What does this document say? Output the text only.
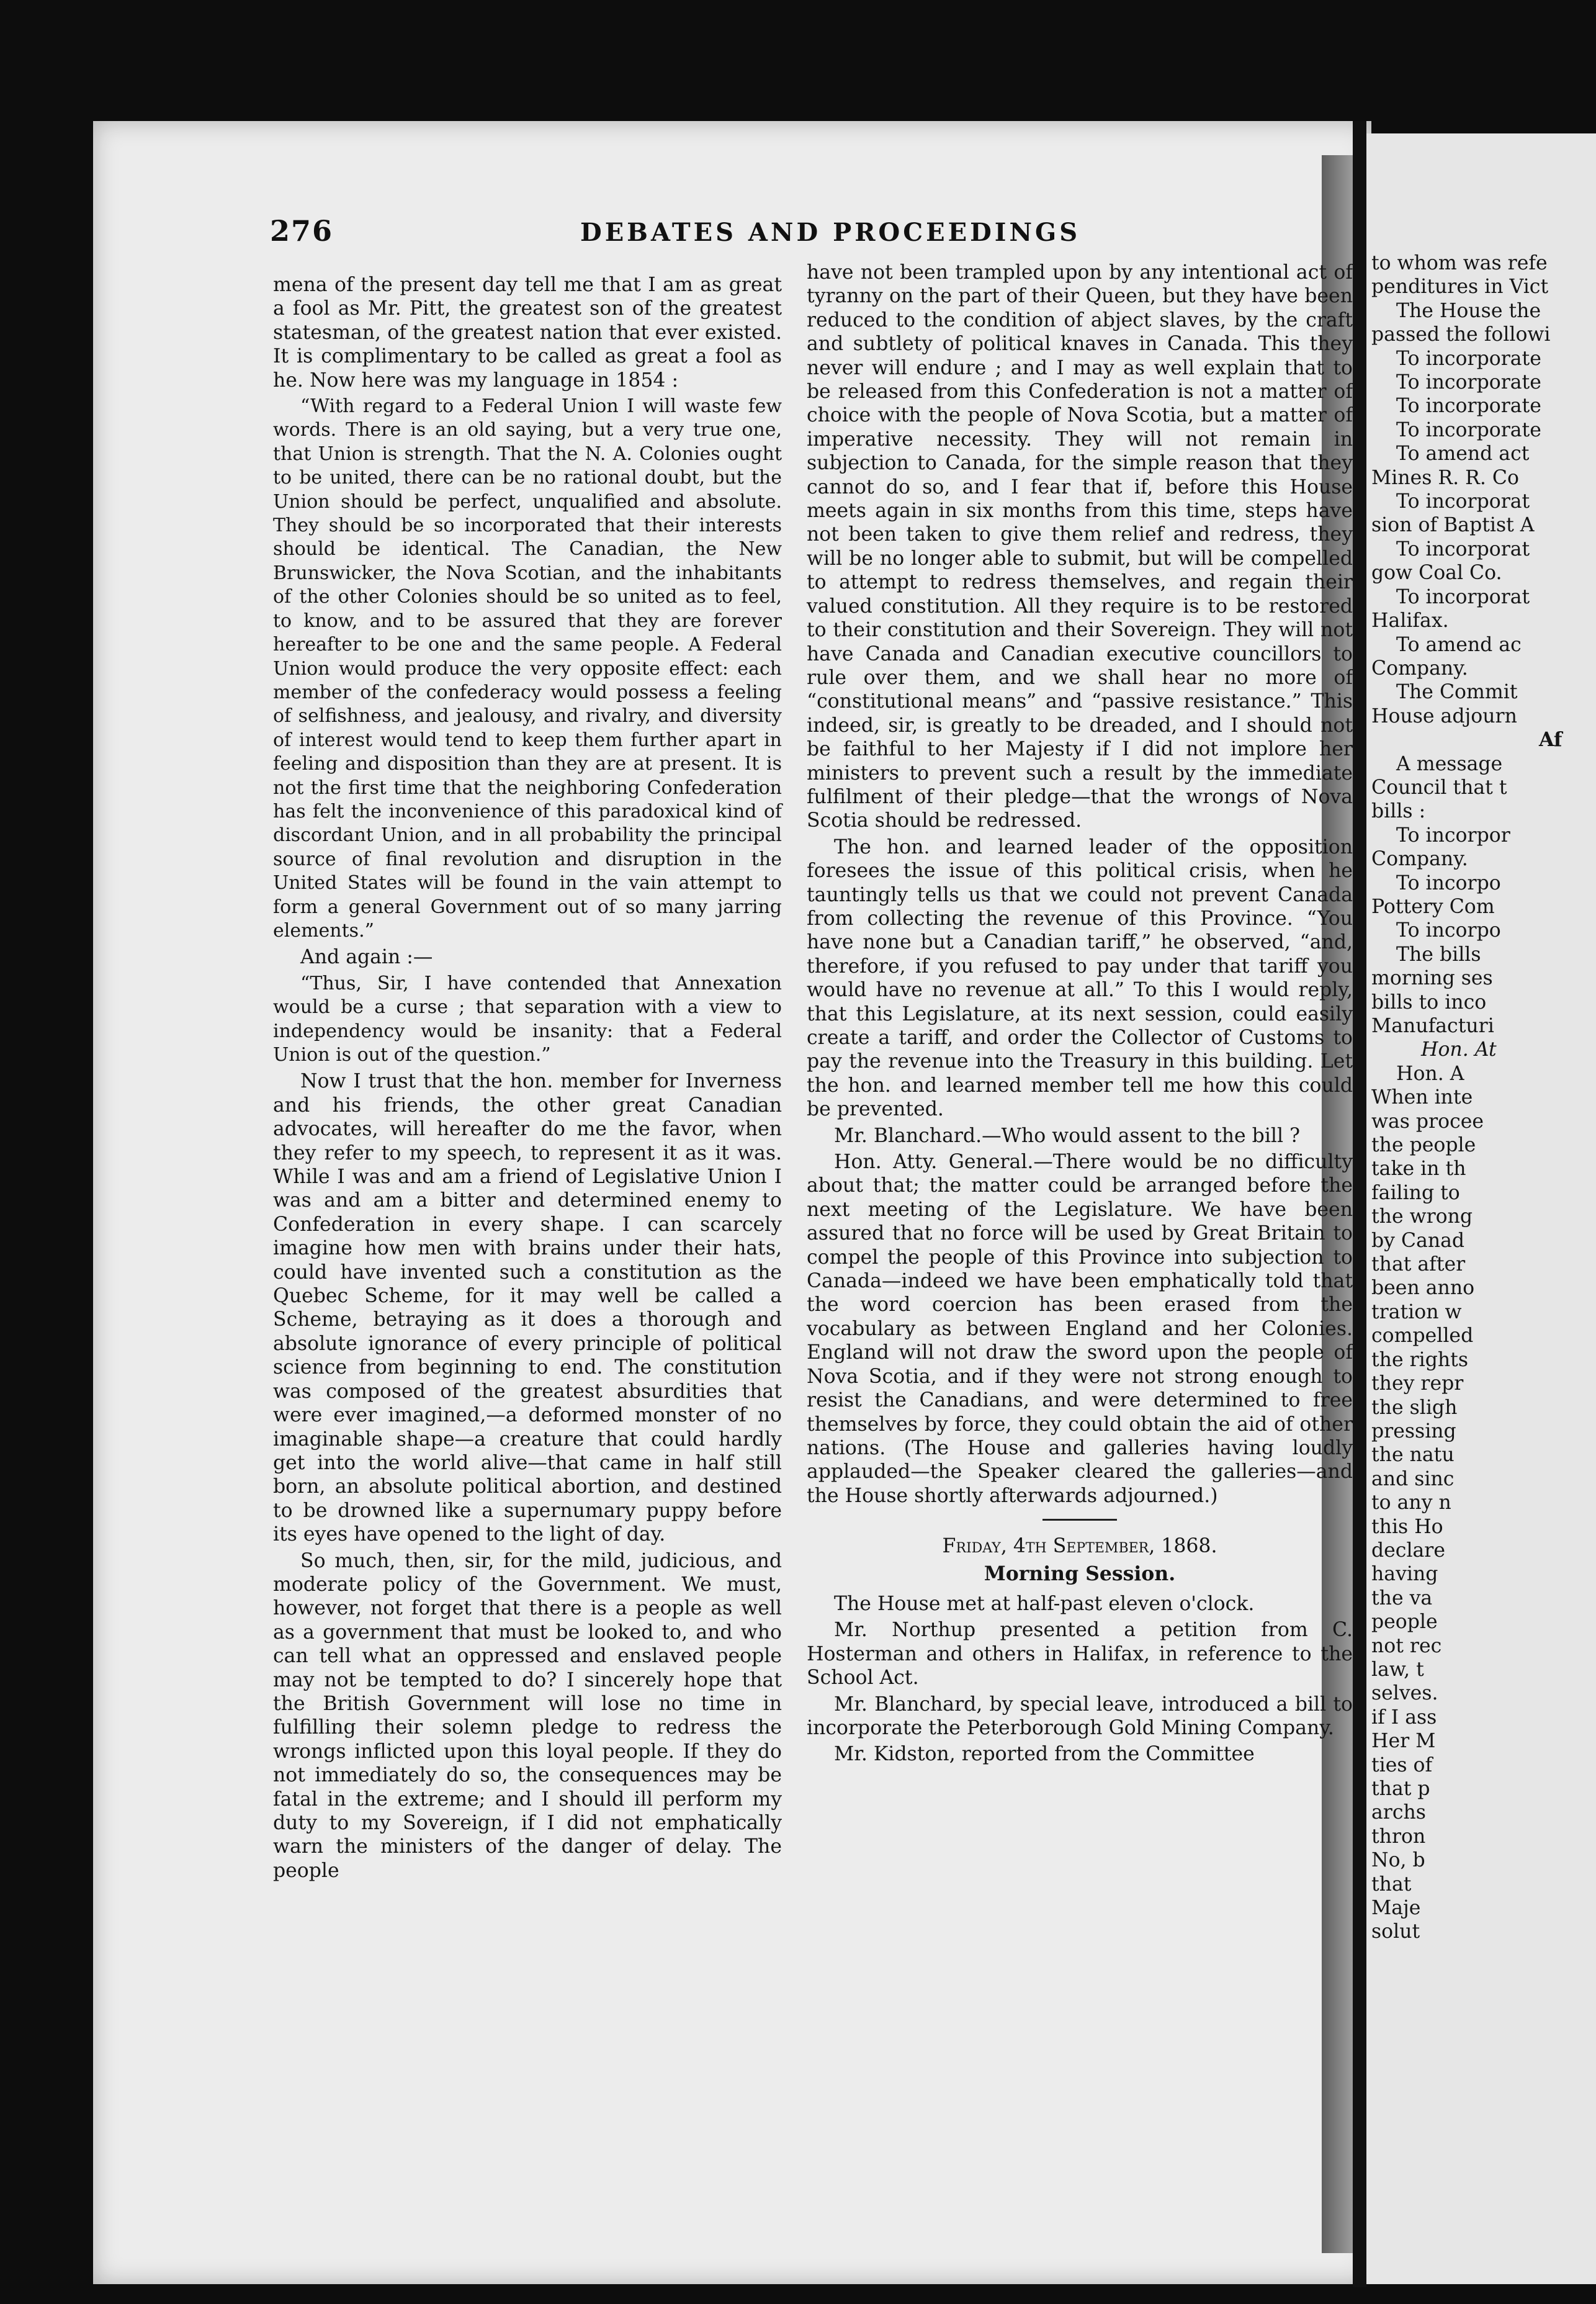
276	DEBATES AND PROCEEDINGS

mena of the present day tell me that I am as great a fool as Mr. Pitt, the greatest son of the greatest statesman, of the greatest nation that ever existed. It is complimentary to be called as great a fool as he. Now here was my language in 1854 :

“With regard to a Federal Union I will waste few words. There is an old saying, but a very true one, that Union is strength. That the N. A. Colonies ought to be united, there can be no rational doubt, but the Union should be perfect, unqualified and absolute. They should be so incorporated that their interests should be identical. The Canadian, the New Brunswicker, the Nova Scotian, and the inhabitants of the other Colonies should be so united as to feel, to know, and to be assured that they are forever hereafter to be one and the same people. A Federal Union would produce the very opposite effect: each member of the confederacy would possess a feeling of selfishness, and jealousy, and rivalry, and diversity of interest would tend to keep them further apart in feeling and disposition than they are at present. It is not the first time that the neighboring Confederation has felt the inconvenience of this paradoxical kind of discordant Union, and in all probability the principal source of final revolution and disruption in the United States will be found in the vain attempt to form a general Government out of so many jarring elements.”

And again :—

“Thus, Sir, I have contended that Annexation would be a curse ; that separation with a view to independency would be insanity: that a Federal Union is out of the question.”

Now I trust that the hon. member for Inverness and his friends, the other great Canadian advocates, will hereafter do me the favor, when they refer to my speech, to represent it as it was. While I was and am a friend of Legislative Union I was and am a bitter and determined enemy to Confederation in every shape. I can scarcely imagine how men with brains under their hats, could have invented such a constitution as the Quebec Scheme, for it may well be called a Scheme, betraying as it does a thorough and absolute ignorance of every principle of political science from beginning to end. The constitution was composed of the greatest absurdities that were ever imagined,—a deformed monster of no imaginable shape—a creature that could hardly get into the world alive—that came in half still born, an absolute political abortion, and destined to be drowned like a supernumary puppy before its eyes have opened to the light of day.

So much, then, sir, for the mild, judicious, and moderate policy of the Government. We must, however, not forget that there is a people as well as a government that must be looked to, and who can tell what an oppressed and enslaved people may not be tempted to do? I sincerely hope that the British Government will lose no time in fulfilling their solemn pledge to redress the wrongs inflicted upon this loyal people. If they do not immediately do so, the consequences may be fatal in the extreme; and I should ill perform my duty to my Sovereign, if I did not emphatically warn the ministers of the danger of delay. The people

have not been trampled upon by any intentional act of tyranny on the part of their Queen, but they have been reduced to the condition of abject slaves, by the craft and subtlety of political knaves in Canada. This they never will endure ; and I may as well explain that to be released from this Confederation is not a matter of choice with the people of Nova Scotia, but a matter of imperative necessity. They will not remain in subjection to Canada, for the simple reason that they cannot do so, and I fear that if, before this House meets again in six months from this time, steps have not been taken to give them relief and redress, they will be no longer able to submit, but will be compelled to attempt to redress themselves, and regain their valued constitution. All they require is to be restored to their constitution and their Sovereign. They will not have Canada and Canadian executive councillors to rule over them, and we shall hear no more of “constitutional means” and “passive resistance.” This indeed, sir, is greatly to be dreaded, and I should not be faithful to her Majesty if I did not implore her ministers to prevent such a result by the immediate fulfilment of their pledge—that the wrongs of Nova Scotia should be redressed.

The hon. and learned leader of the opposition foresees the issue of this political crisis, when he tauntingly tells us that we could not prevent Canada from collecting the revenue of this Province. “You have none but a Canadian tariff,” he observed, “and, therefore, if you refused to pay under that tariff you would have no revenue at all.” To this I would reply, that this Legislature, at its next session, could easily create a tariff, and order the Collector of Customs to pay the revenue into the Treasury in this building. Let the hon. and learned member tell me how this could be prevented.

Mr. Blanchard.—Who would assent to the bill ?

Hon. Atty. General.—There would be no difficulty about that; the matter could be arranged before the next meeting of the Legislature. We have been assured that no force will be used by Great Britain to compel the people of this Province into subjection to Canada—indeed we have been emphatically told that the word coercion has been erased from the vocabulary as between England and her Colonies. England will not draw the sword upon the people of Nova Scotia, and if they were not strong enough to resist the Canadians, and were determined to free themselves by force, they could obtain the aid of other nations. (The House and galleries having loudly applauded—the Speaker cleared the galleries—and the House shortly afterwards adjourned.)

Friday, 4th September, 1868.

Morning Session.

The House met at half-past eleven o'clock.

Mr. Northup presented a petition from C. Hosterman and others in Halifax, in reference to the School Act.

Mr. Blanchard, by special leave, introduced a bill to incorporate the Peterborough Gold Mining Company.

Mr. Kidston, reported from the Committee

to whom was refe

penditures in Vict

The House the

passed the followi

To incorporate

To incorporate

To incorporate

To incorporate

To amend act

Mines R. R. Co

To incorporat

sion of Baptist A

To incorporat

gow Coal Co.

To incorporat

Halifax.

To amend ac

Company.

The Commit

House adjourn

Af

A message

Council that t

bills :

To incorpor

Company.

To incorpo

Pottery Com

To incorpo

The bills

morning ses

bills to inco

Manufacturi

Hon. At

Hon. A

When inte

was procee

the people

take in th

failing to

the wrong

by Canad

that after

been anno

tration w

compelled

the rights

they repr

the sligh

pressing

the natu

and sinc

to any n

this Ho

declare

having

the va

people

not rec

law, t

selves.

if I ass

Her M

ties of

that p

archs

thron

No, b

that

Maje

solut
